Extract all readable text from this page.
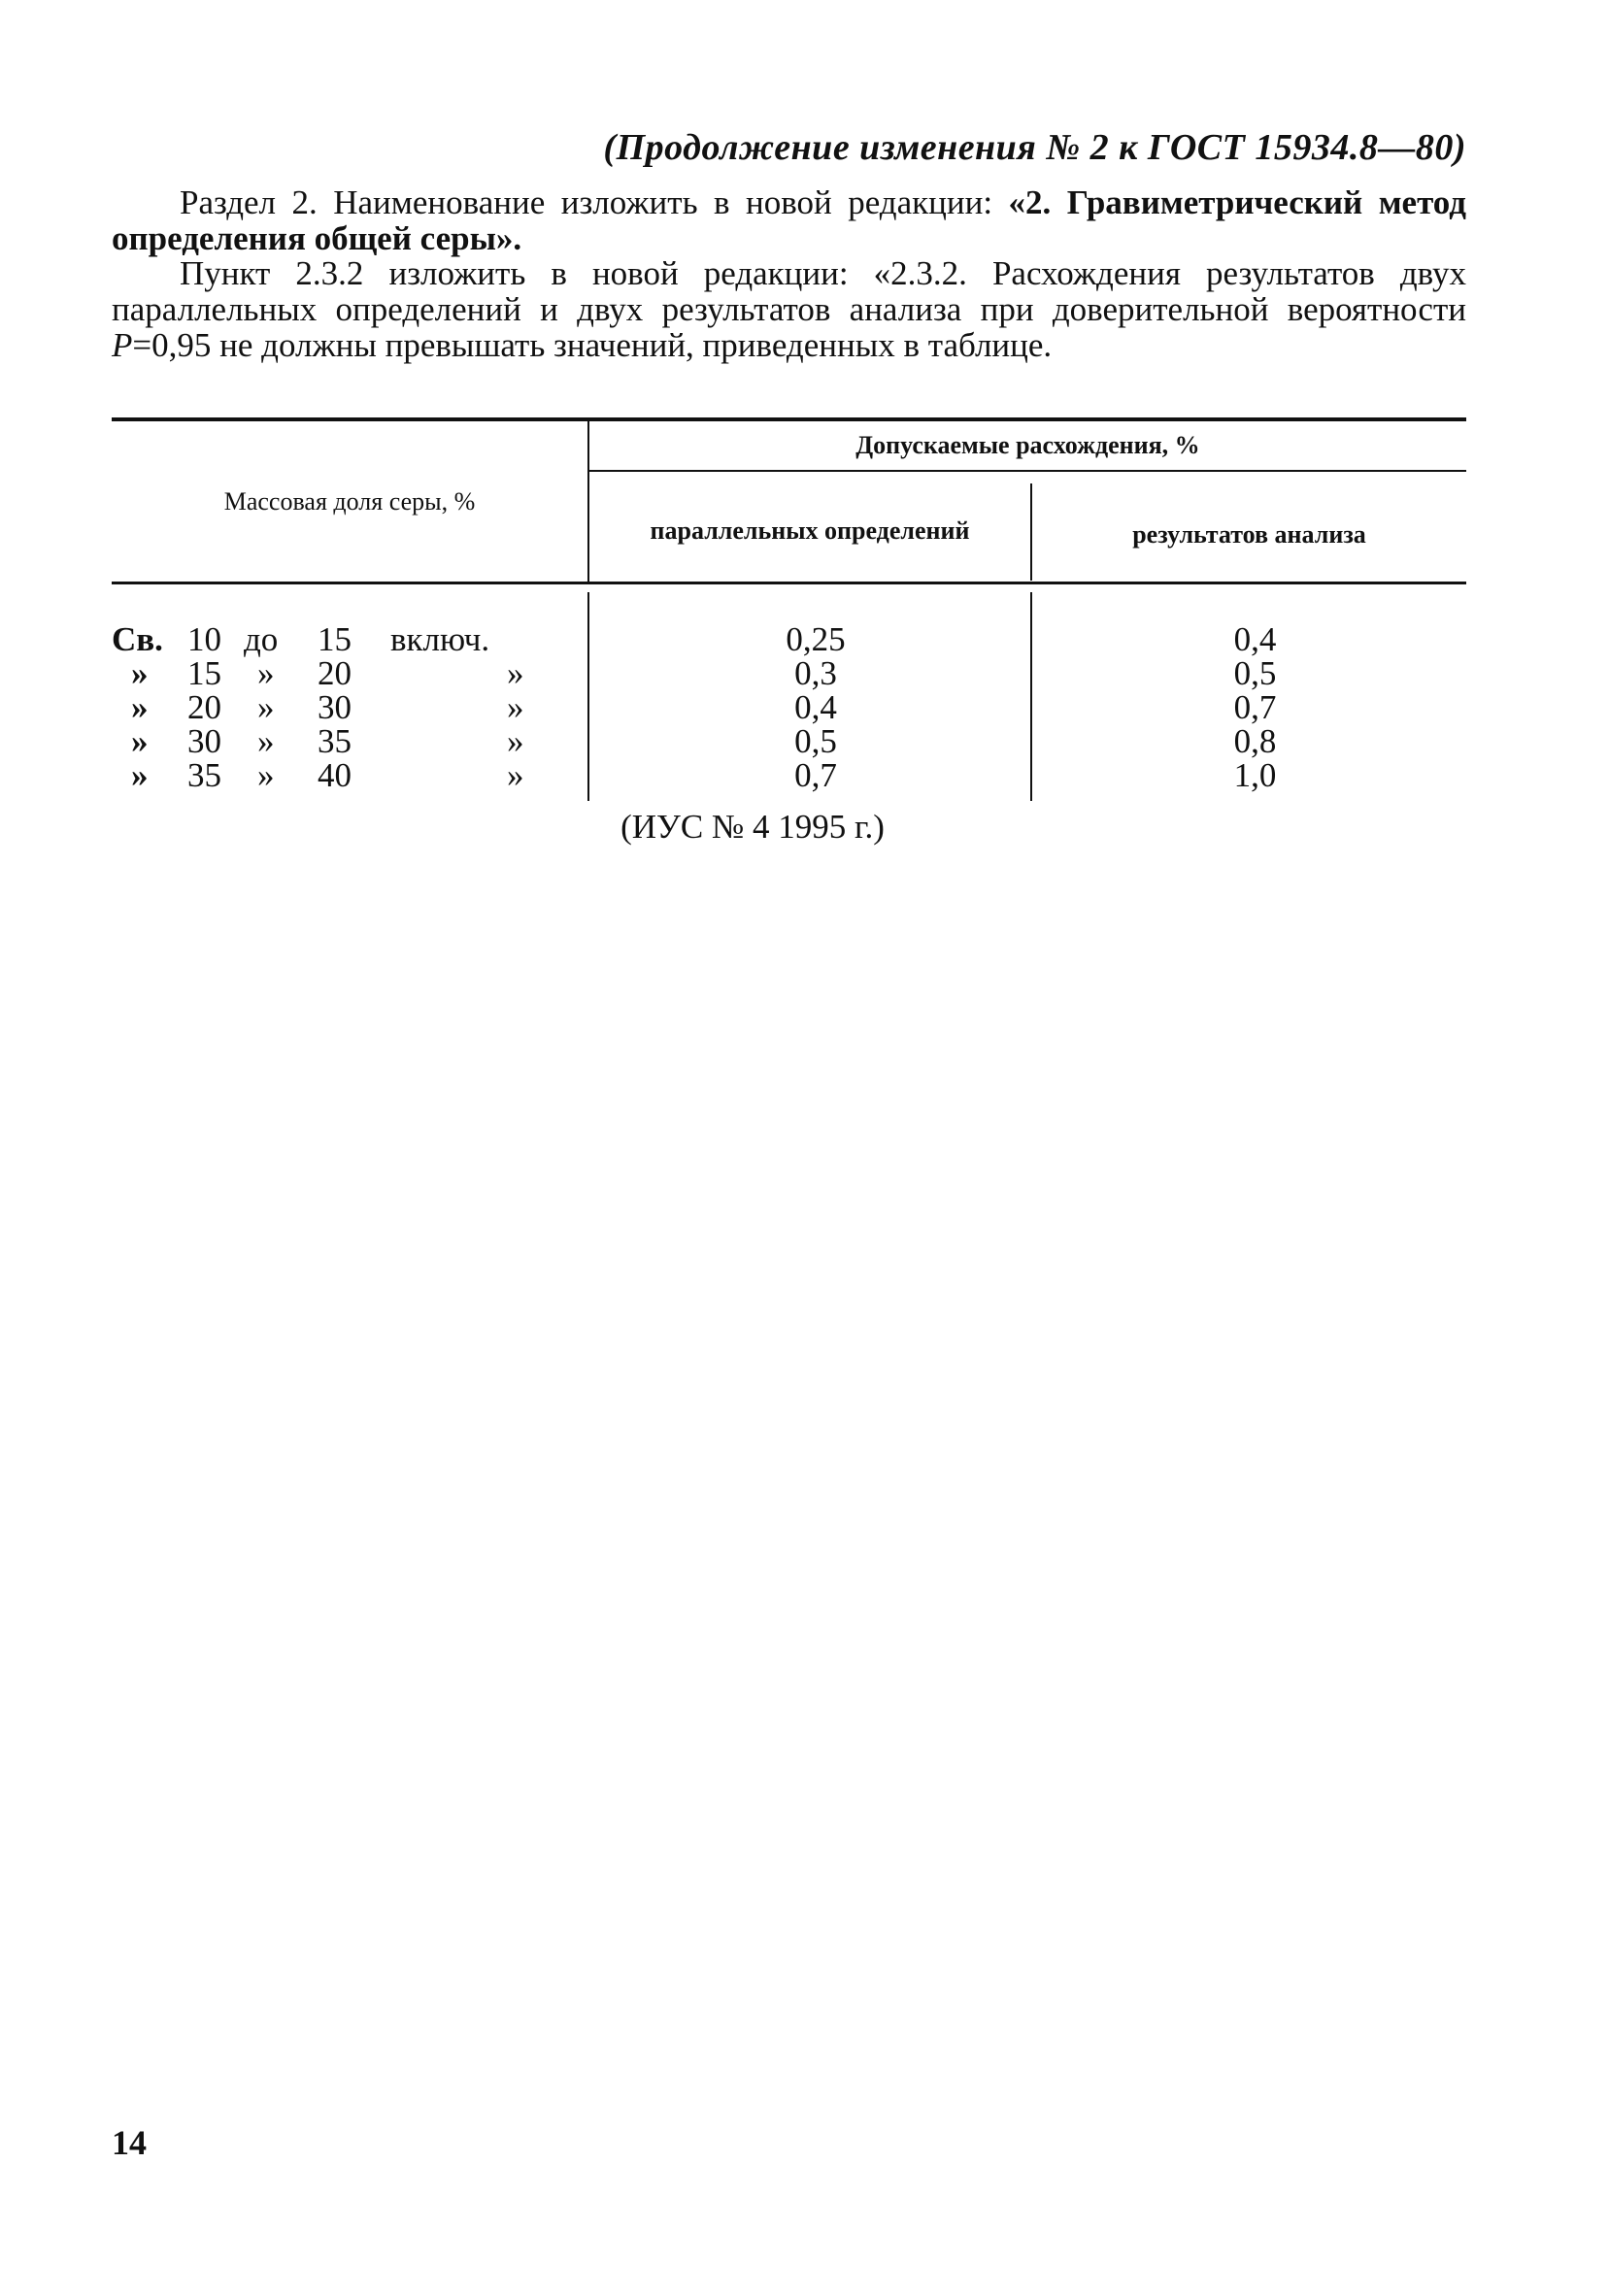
(Продолжение изменения № 2 к ГОСТ 15934.8—80)
Раздел 2. Наименование изложить в новой редакции: «2. Гравиметрический метод определения общей серы».
Пункт 2.3.2 изложить в новой редакции: «2.3.2. Расхождения результатов двух параллельных определений и двух результатов анализа при доверительной вероятности P=0,95 не должны превышать значений, приведенных в таблице.
Массовая доля серы, %
Допускаемые расхождения, %
параллельных определений	результатов анализа
Св. 10 до	15	включ.	0,25	0,4
»	15	»	20	»	0,3	0,5
»	20	»	30	»	0,4	0,7
»	30	»	35	»	0,5	0,8
»	35	»	40	»	0,7	1,0
(ИУС № 4 1995 г.)
14
